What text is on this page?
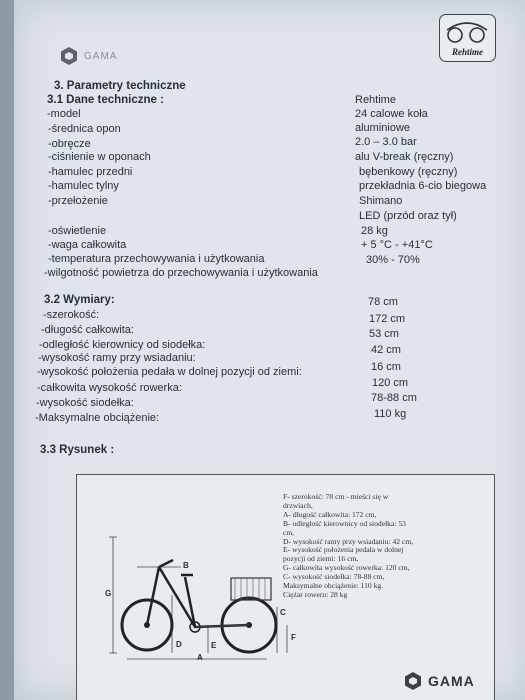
GAMA	Rehtime
3. Parametry techniczne
3.1 Dane techniczne :
-model
Rehtime
-średnica opon
24 calowe koła
-obręcze
aluminiowe
-ciśnienie w oponach
2.0 – 3.0 bar
-hamulec przedni
alu V-break (ręczny)
-hamulec tylny
bębenkowy (ręczny)
-przełożenie
przekładnia 6-cio biegowa
Shimano
-oświetlenie
LED (przód oraz tył)
-waga całkowita
28 kg
-temperatura przechowywania i użytkowania
+ 5 °C - +41°C
-wilgotność powietrza do przechowywania i użytkowania
30% - 70%
3.2 Wymiary:
-szerokość:
78 cm
-długość całkowita:
172 cm
-odległość kierownicy od siodełka:
53 cm
-wysokość ramy przy wsiadaniu:
42 cm
-wysokość położenia pedała w dolnej pozycji od ziemi:	16 cm
-całkowita wysokość rowerka:	120 cm
-wysokość siodełka:	78-88 cm
-Maksymalne obciążenie:	110 kg
3.3 Rysunek :
G
B
D	E
A
C
F
F- szerokość: 78 cm - mieści się w
drzwiach,
A- długość całkowita: 172 cm,
B- odległość kierownicy od siodełka: 53
cm,
D- wysokość ramy przy wsiadaniu: 42 cm,
E- wysokość położenia pedała w dolnej
pozycji od ziemi: 16 cm,
G- całkowita wysokość rowerka: 120 cm,
C- wysokość siodełka: 78-88 cm,
Maksymalne obciążenie: 110 kg.
Ciężar roweru: 28 kg
GAMA
